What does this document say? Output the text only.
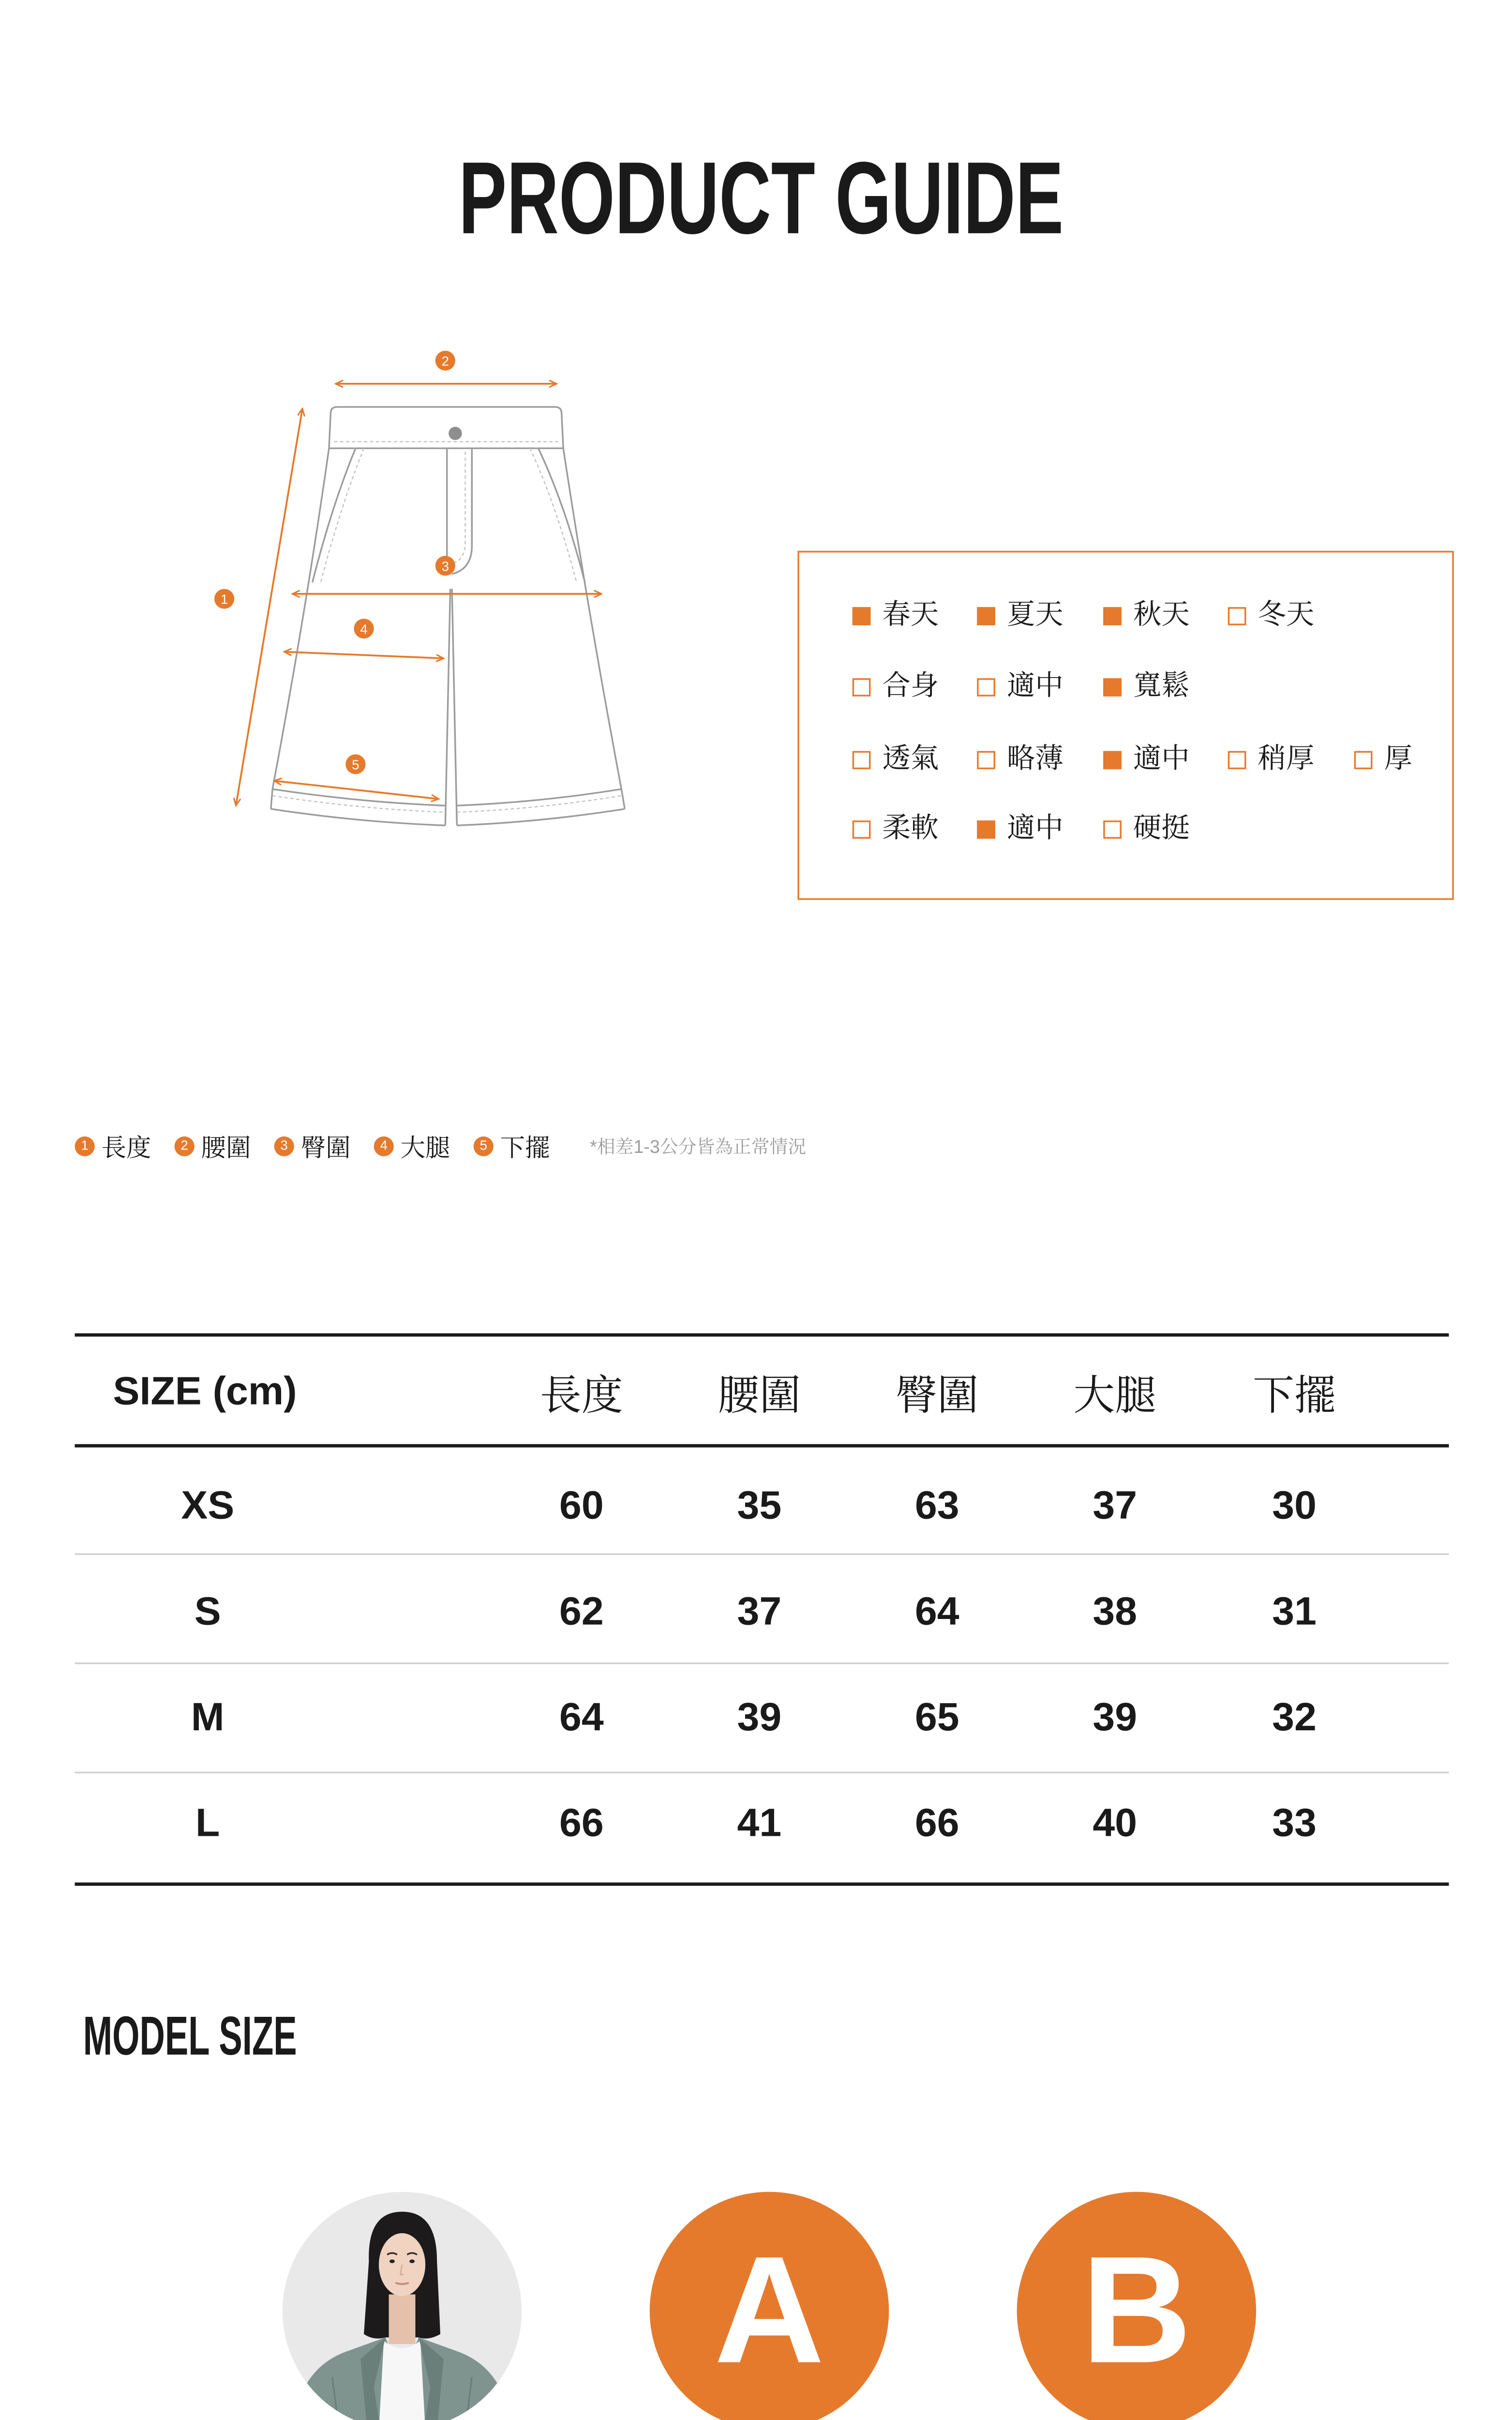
PRODUCT GUIDE
2
1
3
4
5
春天	夏天	秋天	冬天
合身	適中	寬鬆
透氣	略薄	適中	稍厚	厚
柔軟	適中	硬挺
1	長度	2	腰圍	3	臀圍	4	大腿	5	下擺	*相差1-3公分皆為正常情況
SIZE (cm)	長度	腰圍	臀圍	大腿	下擺
XS	60	35	63	37	30
S	62	37	64	38	31
M	64	39	65	39	32
L	66	41	66	40	33
MODEL SIZE
A	B
